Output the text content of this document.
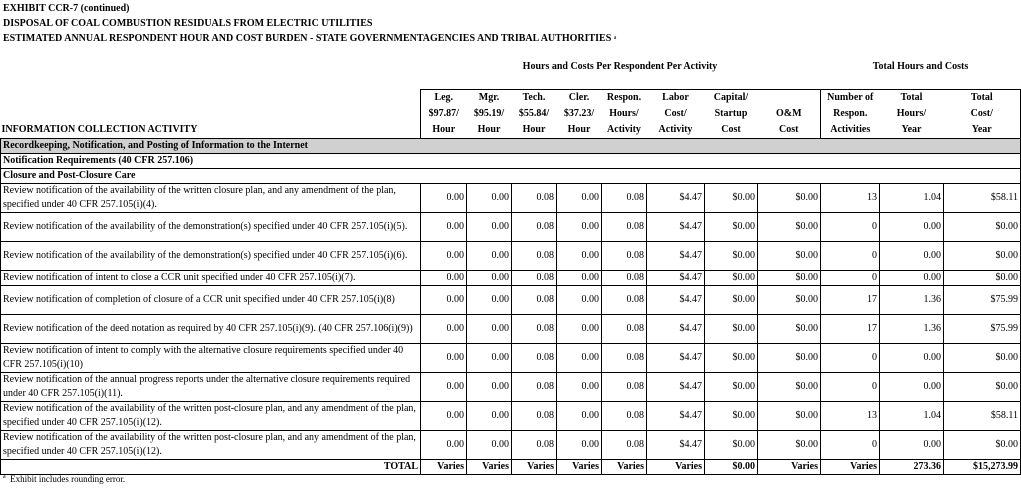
EXHIBIT CCR-7 (continued)
DISPOSAL OF COAL COMBUSTION RESIDUALS FROM ELECTRIC UTILITIES
ESTIMATED ANNUAL RESPONDENT HOUR AND COST BURDEN - STATE GOVERNMENTAGENCIES AND TRIBAL AUTHORITIES $^a$
Hours and Costs Per Respondent Per Activity	Total Hours and Costs
	Leg.	Mgr.	Tech.	Cler.	Respon.	Labor	Capital/		Number of	Total	Total
	$97.87/	$95.19/	$55.84/	$37.23/	Hours/	Cost/	Startup	O&M	Respon.	Hours/	Cost/
INFORMATION COLLECTION ACTIVITY	Hour	Hour	Hour	Hour	Activity	Activity	Cost	Cost	Activities	Year	Year
Recordkeeping, Notification, and Posting of Information to the Internet											
Notification Requirements (40 CFR 257.106)											
Closure and Post-Closure Care											
Review notification of the availability of the written closure plan, and any amendment of the plan, specified under 40 CFR 257.105(i)(4).	0.00	0.00	0.08	0.00	0.08	$4.47	$0.00	$0.00	13	1.04	$58.11
Review notification of the availability of the demonstration(s) specified under 40 CFR 257.105(i)(5).	0.00	0.00	0.08	0.00	0.08	$4.47	$0.00	$0.00	0	0.00	$0.00
Review notification of the availability of the demonstration(s) specified under 40 CFR 257.105(i)(6).	0.00	0.00	0.08	0.00	0.08	$4.47	$0.00	$0.00	0	0.00	$0.00
Review notification of intent to close a CCR unit specified under 40 CFR 257.105(i)(7).	0.00	0.00	0.08	0.00	0.08	$4.47	$0.00	$0.00	0	0.00	$0.00
Review notification of completion of closure of a CCR unit specified under 40 CFR 257.105(i)(8)	0.00	0.00	0.08	0.00	0.08	$4.47	$0.00	$0.00	17	1.36	$75.99
Review notification of the deed notation as required by 40 CFR 257.105(i)(9). (40 CFR 257.106(i)(9))	0.00	0.00	0.08	0.00	0.08	$4.47	$0.00	$0.00	17	1.36	$75.99
Review notification of intent to comply with the alternative closure requirements specified under 40 CFR 257.105(i)(10)	0.00	0.00	0.08	0.00	0.08	$4.47	$0.00	$0.00	0	0.00	$0.00
Review notification of the annual progress reports under the alternative closure requirements required under 40 CFR 257.105(i)(11).	0.00	0.00	0.08	0.00	0.08	$4.47	$0.00	$0.00	0	0.00	$0.00
Review notification of the availability of the written post-closure plan, and any amendment of the plan, specified under 40 CFR 257.105(i)(12).	0.00	0.00	0.08	0.00	0.08	$4.47	$0.00	$0.00	13	1.04	$58.11
Review notification of the availability of the written post-closure plan, and any amendment of the plan, specified under 40 CFR 257.105(i)(12).	0.00	0.00	0.08	0.00	0.08	$4.47	$0.00	$0.00	0	0.00	$0.00
TOTAL	Varies	Varies	Varies	Varies	Varies	Varies	$0.00	Varies	Varies	273.36	$15,273.99
$^a$ Exhibit includes rounding error.
